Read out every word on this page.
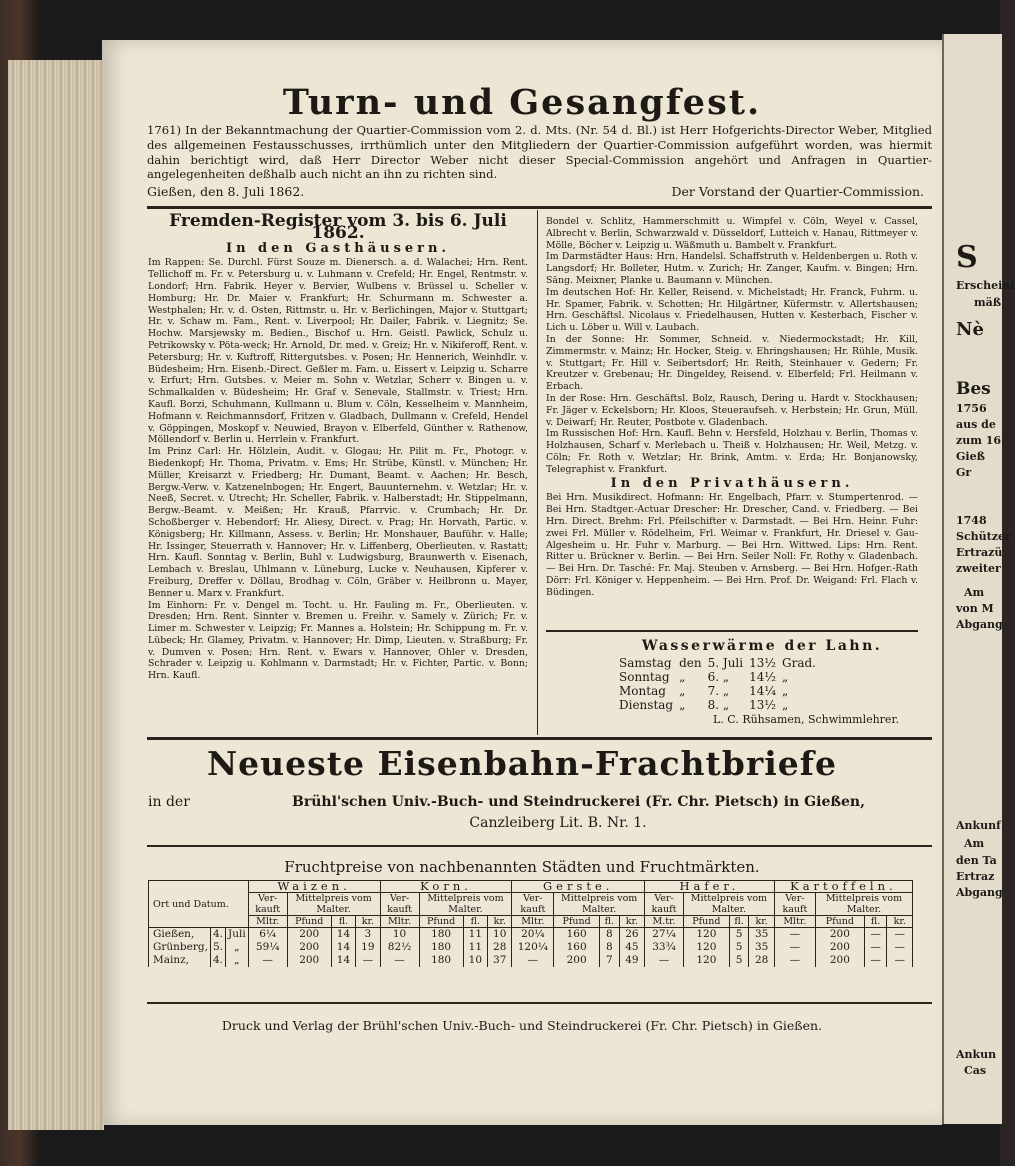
S
Erscheint
mäß
Nè
Bes
1756
aus de
zum 16
Gieß
Gr
1748
Schützer
Ertrazü
zweiter
Am
von M
Abgang
Ankunf
Am
den Ta
Ertraz
Abgang
Ankun
Cas
Turn- und Gesangfest.
1761) In der Bekanntmachung der Quartier-Commission vom 2. d. Mts. (Nr. 54 d. Bl.) ist Herr Hofgerichts-Director Weber, Mitglied des allgemeinen Festausschusses, irrthümlich unter den Mitgliedern der Quartier-Commission aufgeführt worden, was hiermit dahin berichtigt wird, daß Herr Director Weber nicht dieser Special-Commission angehört und Anfragen in Quartier-angelegenheiten deßhalb auch nicht an ihn zu richten sind.
Gießen, den 8. Juli 1862.	Der Vorstand der Quartier-Commission.
Fremden-Register vom 3. bis 6. Juli 1862.
In den Gasthäusern.

Im Rappen: Se. Durchl. Fürst Souze m. Dienersch. a. d. Walachei; Hrn. Rent. Tellichoff m. Fr. v. Petersburg u. v. Luhmann v. Crefeld; Hr. Engel, Rentmstr. v. Londorf; Hrn. Fabrik. Heyer v. Bervier, Wulbens v. Brüssel u. Scheller v. Homburg; Hr. Dr. Maier v. Frankfurt; Hr. Schurmann m. Schwester a. Westphalen; Hr. v. d. Osten, Rittmstr. u. Hr. v. Berlichingen, Major v. Stuttgart; Hr. v. Schaw m. Fam., Rent. v. Liverpool; Hr. Dailer, Fabrik. v. Liegnitz; Se. Hochw. Marsjewsky m. Bedien., Bischof u. Hrn. Geistl. Pawlick, Schulz u. Petrikowsky v. Pöta-weck; Hr. Arnold, Dr. med. v. Greiz; Hr. v. Nikiferoff, Rent. v. Petersburg; Hr. v. Kuftroff, Rittergutsbes. v. Posen; Hr. Hennerich, Weinhdlr. v. Büdesheim; Hrn. Eisenb.-Direct. Geßler m. Fam. u. Eissert v. Leipzig u. Scharre v. Erfurt; Hrn. Gutsbes. v. Meier m. Sohn v. Wetzlar, Scherr v. Bingen u. v. Schmalkalden v. Büdesheim; Hr. Graf v. Senevale, Stallmstr. v. Triest; Hrn. Kaufl. Borzi, Schuhmann, Kullmann u. Blum v. Cöln, Kesselheim v. Mannheim, Hofmann v. Reichmannsdorf, Fritzen v. Gladbach, Dullmann v. Crefeld, Hendel v. Göppingen, Moskopf v. Neuwied, Brayon v. Elberfeld, Günther v. Rathenow, Möllendorf v. Berlin u. Herrlein v. Frankfurt.

Im Prinz Carl: Hr. Hölzlein, Audit. v. Glogau; Hr. Pilit m. Fr., Photogr. v. Biedenkopf; Hr. Thoma, Privatm. v. Ems; Hr. Strübe, Künstl. v. München; Hr. Müller, Kreisarzt v. Friedberg; Hr. Dumant, Beamt. v. Aachen; Hr. Besch, Bergw.-Verw. v. Katzenelnbogen; Hr. Engert, Bauunternehm. v. Wetzlar; Hr. v. Neeß, Secret. v. Utrecht; Hr. Scheller, Fabrik. v. Halberstadt; Hr. Stippelmann, Bergw.-Beamt. v. Meißen; Hr. Krauß, Pfarrvic. v. Crumbach; Hr. Dr. Schoßberger v. Hebendorf; Hr. Aliesy, Direct. v. Prag; Hr. Horvath, Partic. v. Königsberg; Hr. Killmann, Assess. v. Berlin; Hr. Monshauer, Bauführ. v. Halle; Hr. Issinger, Steuerrath v. Hannover; Hr. v. Liffenberg, Oberlieuten. v. Rastatt; Hrn. Kaufl. Sonntag v. Berlin, Buhl v. Ludwigsburg, Braunwerth v. Eisenach, Lembach v. Breslau, Uhlmann v. Lüneburg, Lucke v. Neuhausen, Kipferer v. Freiburg, Dreffer v. Döllau, Brodhag v. Cöln, Gräber v. Heilbronn u. Mayer, Benner u. Marx v. Frankfurt.

Im Einhorn: Fr. v. Dengel m. Tocht. u. Hr. Fauling m. Fr., Oberlieuten. v. Dresden; Hrn. Rent. Sinnter v. Bremen u. Freihr. v. Samely v. Zürich; Fr. v. Limer m. Schwester v. Leipzig; Fr. Mannes a. Holstein; Hr. Schippung m. Fr. v. Lübeck; Hr. Glamey, Privatm. v. Hannover; Hr. Dimp, Lieuten. v. Straßburg; Fr. v. Dumven v. Posen; Hrn. Rent. v. Ewars v. Hannover, Ohler v. Dresden, Schrader v. Leipzig u. Kohlmann v. Darmstadt; Hr. v. Fichter, Partic. v. Bonn; Hrn. Kaufl.

Bondel v. Schlitz, Hammerschmitt u. Wimpfel v. Cöln, Weyel v. Cassel, Albrecht v. Berlin, Schwarzwald v. Düsseldorf, Lutteich v. Hanau, Rittmeyer v. Mölle, Böcher v. Leipzig u. Wäßmuth u. Bambelt v. Frankfurt.

Im Darmstädter Haus: Hrn. Handelsl. Schaffstruth v. Heldenbergen u. Roth v. Langsdorf; Hr. Bolleter, Hutm. v. Zurich; Hr. Zanger, Kaufm. v. Bingen; Hrn. Säng. Meixner, Planke u. Baumann v. München.

Im deutschen Hof: Hr. Keller, Reisend. v. Michelstadt; Hr. Franck, Fuhrm. u. Hr. Spamer, Fabrik. v. Schotten; Hr. Hilgärtner, Küfermstr. v. Allertshausen; Hrn. Geschäftsl. Nicolaus v. Friedelhausen, Hutten v. Kesterbach, Fischer v. Lich u. Löber u. Will v. Laubach.

In der Sonne: Hr. Sommer, Schneid. v. Niedermockstadt; Hr. Kill, Zimmermstr. v. Mainz; Hr. Hocker, Steig. v. Ehringshausen; Hr. Rühle, Musik. v. Stuttgart; Fr. Hill v. Seibertsdorf; Hr. Reith, Steinhauer v. Gedern; Fr. Kreutzer v. Grebenau; Hr. Dingeldey, Reisend. v. Elberfeld; Frl. Heilmann v. Erbach.

In der Rose: Hrn. Geschäftsl. Bolz, Rausch, Dering u. Hardt v. Stockhausen; Fr. Jäger v. Eckelsborn; Hr. Kloos, Steueraufseh. v. Herbstein; Hr. Grun, Müll. v. Deiwarf; Hr. Reuter, Postbote v. Gladenbach.

Im Russischen Hof: Hrn. Kaufl. Behn v. Hersfeld, Holzhau v. Berlin, Thomas v. Holzhausen, Scharf v. Merlebach u. Theiß v. Holzhausen; Hr. Weil, Metzg. v. Cöln; Fr. Roth v. Wetzlar; Hr. Brink, Amtm. v. Erda; Hr. Bonjanowsky, Telegraphist v. Frankfurt.

In den Privathäusern.

Bei Hrn. Musikdirect. Hofmann: Hr. Engelbach, Pfarr. v. Stumpertenrod. — Bei Hrn. Stadtger.-Actuar Drescher: Hr. Drescher, Cand. v. Friedberg. — Bei Hrn. Direct. Brehm: Frl. Pfeilschifter v. Darmstadt. — Bei Hrn. Heinr. Fuhr: zwei Frl. Müller v. Rödelheim, Frl. Weimar v. Frankfurt, Hr. Driesel v. Gau-Algesheim u. Hr. Fuhr v. Marburg. — Bei Hrn. Wittwed. Lips: Hrn. Rent. Ritter u. Brückner v. Berlin. — Bei Hrn. Seiler Noll: Fr. Rothy v. Gladenbach. — Bei Hrn. Dr. Tasché: Fr. Maj. Steuben v. Arnsberg. — Bei Hrn. Hofger.-Rath Dörr: Frl. Königer v. Heppenheim. — Bei Hrn. Prof. Dr. Weigand: Frl. Flach v. Büdingen.

Wasserwärme der Lahn.
Samstag	den	5. Juli	13½	Grad.
Sonntag	„	6. „	14½	„
Montag	„	7. „	14¼	„
Dienstag	„	8. „	13½	„
L. C. Rühsamen, Schwimmlehrer.
Neueste Eisenbahn-Frachtbriefe
in der	Brühl'schen Univ.-Buch- und Steindruckerei (Fr. Chr. Pietsch) in Gießen,
Canzleiberg Lit. B. Nr. 1.
Fruchtpreise von nachbenannten Städten und Fruchtmärkten.
Ort und Datum.			Waizen.				Korn.				Gerste.				Hafer.				Kartoffeln.			
			Ver-kauft	Mittelpreis vom Malter.			Ver-kauft	Mittelpreis vom Malter.			Ver-kauft	Mittelpreis vom Malter.			Ver-kauft	Mittelpreis vom Malter.			Ver-kauft	Mittelpreis vom Malter.		
			Mltr.	Pfund	fl.	kr.	Mltr.	Pfund	fl.	kr.	Mltr.	Pfund	fl.	kr.	M.tr.	Pfund	fl.	kr.	Mltr.	Pfund	fl.	kr.
Gießen,	4.	Juli	6¼	200	14	3	10	180	11	10	20¼	160	8	26	27¼	120	5	35	—	200	—	—
Grünberg,	5.	„	59¼	200	14	19	82½	180	11	28	120¼	160	8	45	33¾	120	5	35	—	200	—	—
Mainz,	4.	„	—	200	14	—	—	180	10	37	—	200	7	49	—	120	5	28	—	200	—	—
Druck und Verlag der Brühl'schen Univ.-Buch- und Steindruckerei (Fr. Chr. Pietsch) in Gießen.
